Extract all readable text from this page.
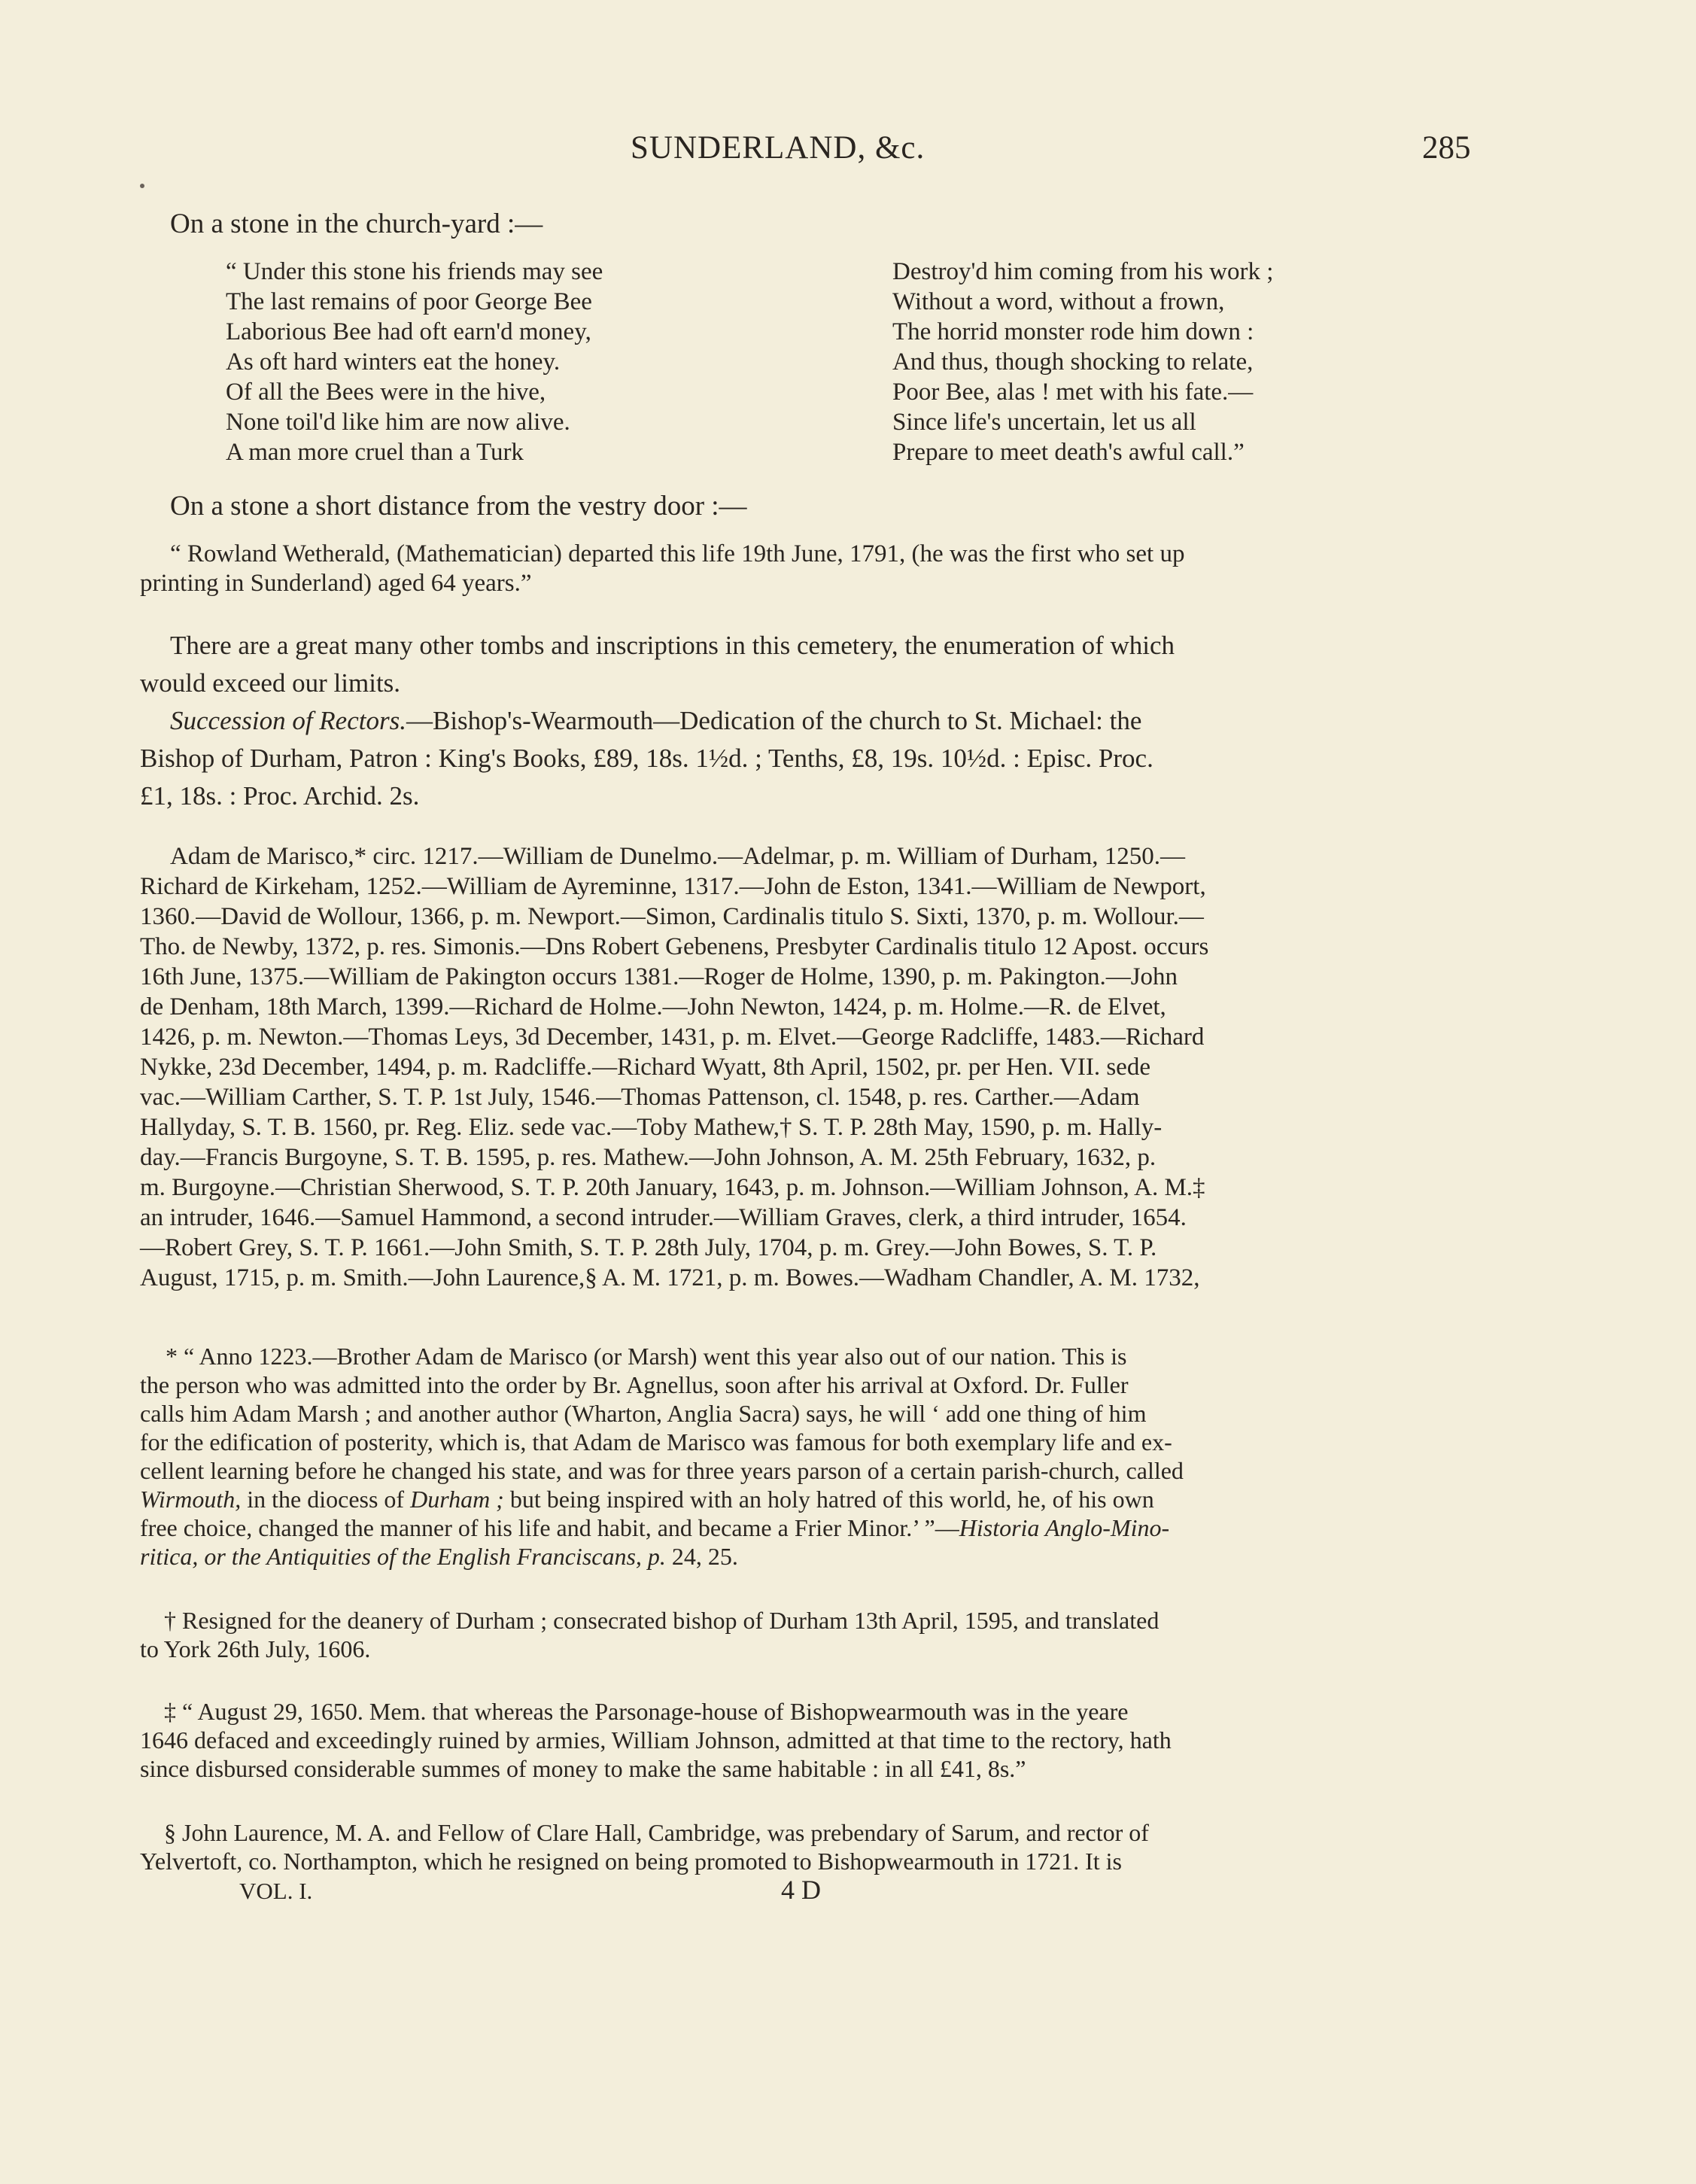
SUNDERLAND, &c.	285
On a stone in the church-yard :—
“ Under this stone his friends may see
The last remains of poor George Bee
Laborious Bee had oft earn'd money,
As oft hard winters eat the honey.
Of all the Bees were in the hive,
None toil'd like him are now alive.
A man more cruel than a Turk
Destroy'd him coming from his work ;
Without a word, without a frown,
The horrid monster rode him down :
And thus, though shocking to relate,
Poor Bee, alas ! met with his fate.—
Since life's uncertain, let us all
Prepare to meet death's awful call.”
On a stone a short distance from the vestry door :—
“ Rowland Wetherald, (Mathematician) departed this life 19th June, 1791, (he was the first who set up
printing in Sunderland) aged 64 years.”
There are a great many other tombs and inscriptions in this cemetery, the enumeration of which
would exceed our limits.
Succession of Rectors.—Bishop's-Wearmouth—Dedication of the church to St. Michael: the
Bishop of Durham, Patron : King's Books, £89, 18s. 1½d. ; Tenths, £8, 19s. 10½d. : Episc. Proc.
£1, 18s. : Proc. Archid. 2s.
Adam de Marisco,* circ. 1217.—William de Dunelmo.—Adelmar, p. m. William of Durham, 1250.—
Richard de Kirkeham, 1252.—William de Ayreminne, 1317.—John de Eston, 1341.—William de Newport,
1360.—David de Wollour, 1366, p. m. Newport.—Simon, Cardinalis titulo S. Sixti, 1370, p. m. Wollour.—
Tho. de Newby, 1372, p. res. Simonis.—Dns Robert Gebenens, Presbyter Cardinalis titulo 12 Apost. occurs
16th June, 1375.—William de Pakington occurs 1381.—Roger de Holme, 1390, p. m. Pakington.—John
de Denham, 18th March, 1399.—Richard de Holme.—John Newton, 1424, p. m. Holme.—R. de Elvet,
1426, p. m. Newton.—Thomas Leys, 3d December, 1431, p. m. Elvet.—George Radcliffe, 1483.—Richard
Nykke, 23d December, 1494, p. m. Radcliffe.—Richard Wyatt, 8th April, 1502, pr. per Hen. VII. sede
vac.—William Carther, S. T. P. 1st July, 1546.—Thomas Pattenson, cl. 1548, p. res. Carther.—Adam
Hallyday, S. T. B. 1560, pr. Reg. Eliz. sede vac.—Toby Mathew,† S. T. P. 28th May, 1590, p. m. Hally-
day.—Francis Burgoyne, S. T. B. 1595, p. res. Mathew.—John Johnson, A. M. 25th February, 1632, p.
m. Burgoyne.—Christian Sherwood, S. T. P. 20th January, 1643, p. m. Johnson.—William Johnson, A. M.‡
an intruder, 1646.—Samuel Hammond, a second intruder.—William Graves, clerk, a third intruder, 1654.
—Robert Grey, S. T. P. 1661.—John Smith, S. T. P. 28th July, 1704, p. m. Grey.—John Bowes, S. T. P.
August, 1715, p. m. Smith.—John Laurence,§ A. M. 1721, p. m. Bowes.—Wadham Chandler, A. M. 1732,
* “ Anno 1223.—Brother Adam de Marisco (or Marsh) went this year also out of our nation. This is
the person who was admitted into the order by Br. Agnellus, soon after his arrival at Oxford. Dr. Fuller
calls him Adam Marsh ; and another author (Wharton, Anglia Sacra) says, he will ‘ add one thing of him
for the edification of posterity, which is, that Adam de Marisco was famous for both exemplary life and ex-
cellent learning before he changed his state, and was for three years parson of a certain parish-church, called
Wirmouth, in the diocess of Durham ; but being inspired with an holy hatred of this world, he, of his own
free choice, changed the manner of his life and habit, and became a Frier Minor.’ ”—Historia Anglo-Mino-
ritica, or the Antiquities of the English Franciscans, p. 24, 25.
† Resigned for the deanery of Durham ; consecrated bishop of Durham 13th April, 1595, and translated
to York 26th July, 1606.
‡ “ August 29, 1650. Mem. that whereas the Parsonage-house of Bishopwearmouth was in the yeare
1646 defaced and exceedingly ruined by armies, William Johnson, admitted at that time to the rectory, hath
since disbursed considerable summes of money to make the same habitable : in all £41, 8s.”
§ John Laurence, M. A. and Fellow of Clare Hall, Cambridge, was prebendary of Sarum, and rector of
Yelvertoft, co. Northampton, which he resigned on being promoted to Bishopwearmouth in 1721. It is
VOL. I.	4 D
